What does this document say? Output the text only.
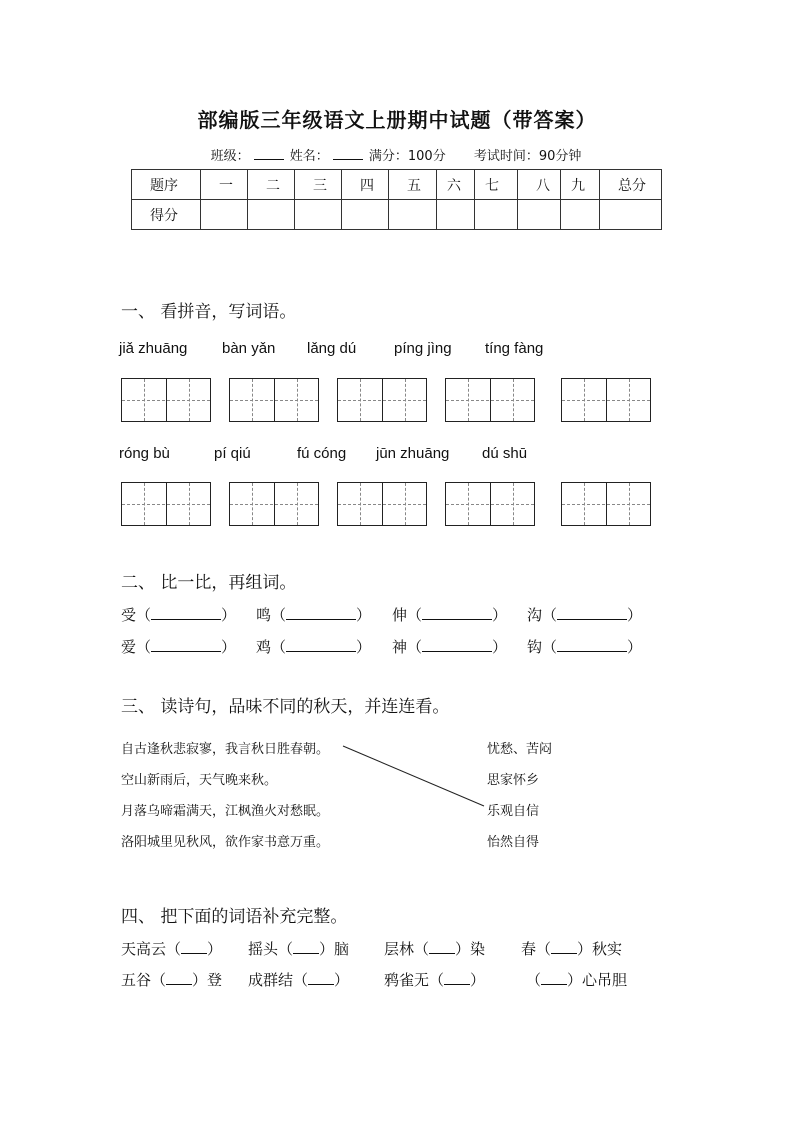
部编版三年级语文上册期中试题（带答案）
班级：	姓名：	满分：100分 考试时间：90分钟
题序	一	二	三	四	五	六	七	八	九	总分
得分										
一、 看拼音，写词语。
jiǎ zhuāng bàn yǎn lǎng dú	píng jìng tíng fàng
róng bù	pí qiú	fú cóng jūn zhuāng dú shū
二、 比一比，再组词。
受（	） 鸣（	） 伸（	） 沟（	）
爱（	） 鸡（	） 神（	） 钩（	）
三、 读诗句，品味不同的秋天，并连连看。
自古逢秋悲寂寥，我言秋日胜春朝。
空山新雨后，天气晚来秋。
月落乌啼霜满天，江枫渔火对愁眠。
洛阳城里见秋风，欲作家书意万重。
忧愁、苦闷
思家怀乡
乐观自信
怡然自得
四、 把下面的词语补充完整。
天高云（ ） 摇头（ ）脑 层林（ ）染 春（ ）秋实
五谷（ ）登 成群结（ ） 鸦雀无（ ）	（ ）心吊胆
